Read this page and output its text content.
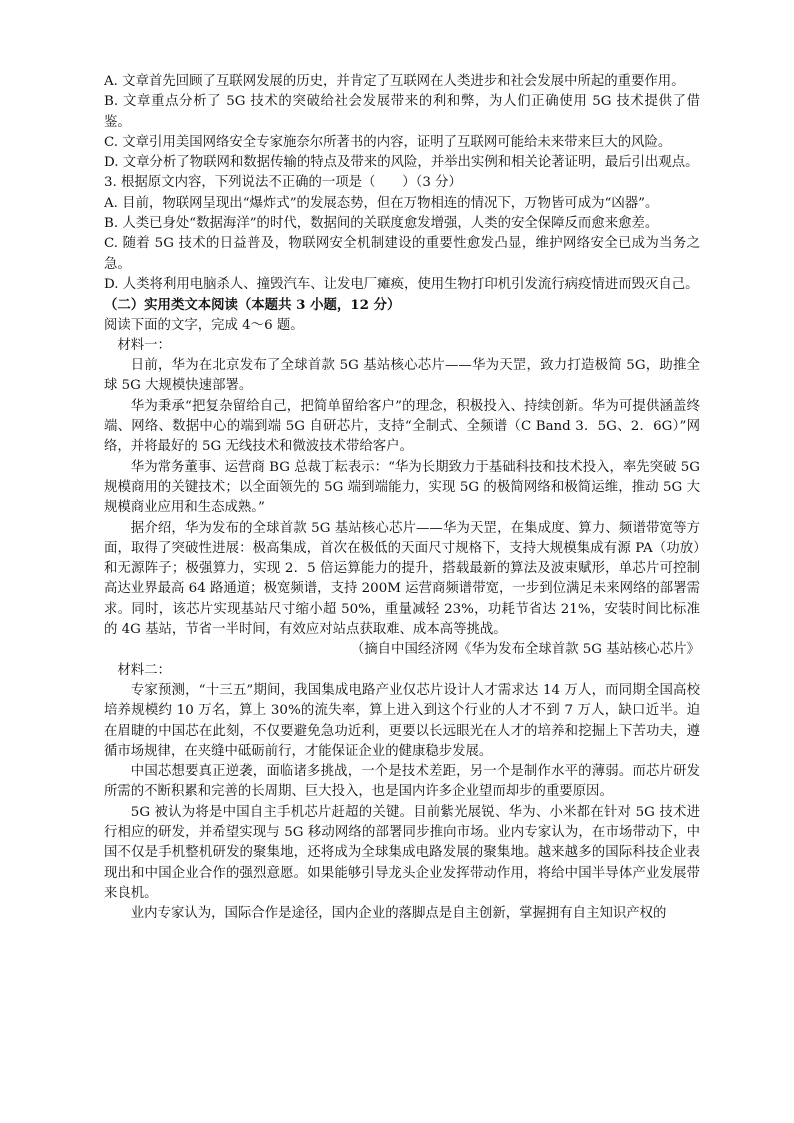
A. 文章首先回顾了互联网发展的历史，并肯定了互联网在人类进步和社会发展中所起的重要作用。

B. 文章重点分析了 5G 技术的突破给社会发展带来的利和弊，为人们正确使用 5G 技术提供了借鉴。

C. 文章引用美国网络安全专家施奈尔所著书的内容，证明了互联网可能给未来带来巨大的风险。

D. 文章分析了物联网和数据传输的特点及带来的风险，并举出实例和相关论著证明，最后引出观点。

3. 根据原文内容，下列说法不正确的一项是（　　）（3 分）

A. 目前，物联网呈现出“爆炸式”的发展态势，但在万物相连的情况下，万物皆可成为“凶器”。

B. 人类已身处“数据海洋”的时代，数据间的关联度愈发增强，人类的安全保障反而愈来愈差。

C. 随着 5G 技术的日益普及，物联网安全机制建设的重要性愈发凸显，维护网络安全已成为当务之急。

D. 人类将利用电脑杀人、撞毁汽车、让发电厂瘫痪，使用生物打印机引发流行病疫情进而毁灭自己。

（二）实用类文本阅读（本题共 3 小题，12 分）

阅读下面的文字，完成 4～6 题。

材料一：

日前，华为在北京发布了全球首款 5G 基站核心芯片——华为天罡，致力打造极简 5G，助推全球 5G 大规模快速部署。

华为秉承“把复杂留给自己，把简单留给客户”的理念，积极投入、持续创新。华为可提供涵盖终端、网络、数据中心的端到端 5G 自研芯片，支持“全制式、全频谱（C Band 3．5G、2．6G）”网络，并将最好的 5G 无线技术和微波技术带给客户。

华为常务董事、运营商 BG 总裁丁耘表示：“华为长期致力于基础科技和技术投入，率先突破 5G 规模商用的关键技术；以全面领先的 5G 端到端能力，实现 5G 的极简网络和极简运维，推动 5G 大规模商业应用和生态成熟。”

据介绍，华为发布的全球首款 5G 基站核心芯片——华为天罡，在集成度、算力、频谱带宽等方面，取得了突破性进展：极高集成，首次在极低的天面尺寸规格下，支持大规模集成有源 PA（功放）和无源阵子；极强算力，实现 2．5 倍运算能力的提升，搭载最新的算法及波束赋形，单芯片可控制高达业界最高 64 路通道；极宽频谱，支持 200M 运营商频谱带宽，一步到位满足未来网络的部署需求。同时，该芯片实现基站尺寸缩小超 50%，重量减轻 23%，功耗节省达 21%，安装时间比标准的 4G 基站，节省一半时间，有效应对站点获取难、成本高等挑战。

（摘自中国经济网《华为发布全球首款 5G 基站核心芯片》

材料二：

专家预测，“十三五”期间，我国集成电路产业仅芯片设计人才需求达 14 万人，而同期全国高校培养规模约 10 万名，算上 30%的流失率，算上进入到这个行业的人才不到 7 万人，缺口近半。迫在眉睫的中国芯在此刻，不仅要避免急功近利，更要以长远眼光在人才的培养和挖掘上下苦功夫，遵循市场规律，在夹缝中砥砺前行，才能保证企业的健康稳步发展。

中国芯想要真正逆袭，面临诸多挑战，一个是技术差距，另一个是制作水平的薄弱。而芯片研发所需的不断积累和完善的长周期、巨大投入，也是国内许多企业望而却步的重要原因。

5G 被认为将是中国自主手机芯片赶超的关键。目前紫光展锐、华为、小米都在针对 5G 技术进行相应的研发，并希望实现与 5G 移动网络的部署同步推向市场。业内专家认为，在市场带动下，中国不仅是手机整机研发的聚集地，还将成为全球集成电路发展的聚集地。越来越多的国际科技企业表现出和中国企业合作的强烈意愿。如果能够引导龙头企业发挥带动作用，将给中国半导体产业发展带来良机。

业内专家认为，国际合作是途径，国内企业的落脚点是自主创新，掌握拥有自主知识产权的
